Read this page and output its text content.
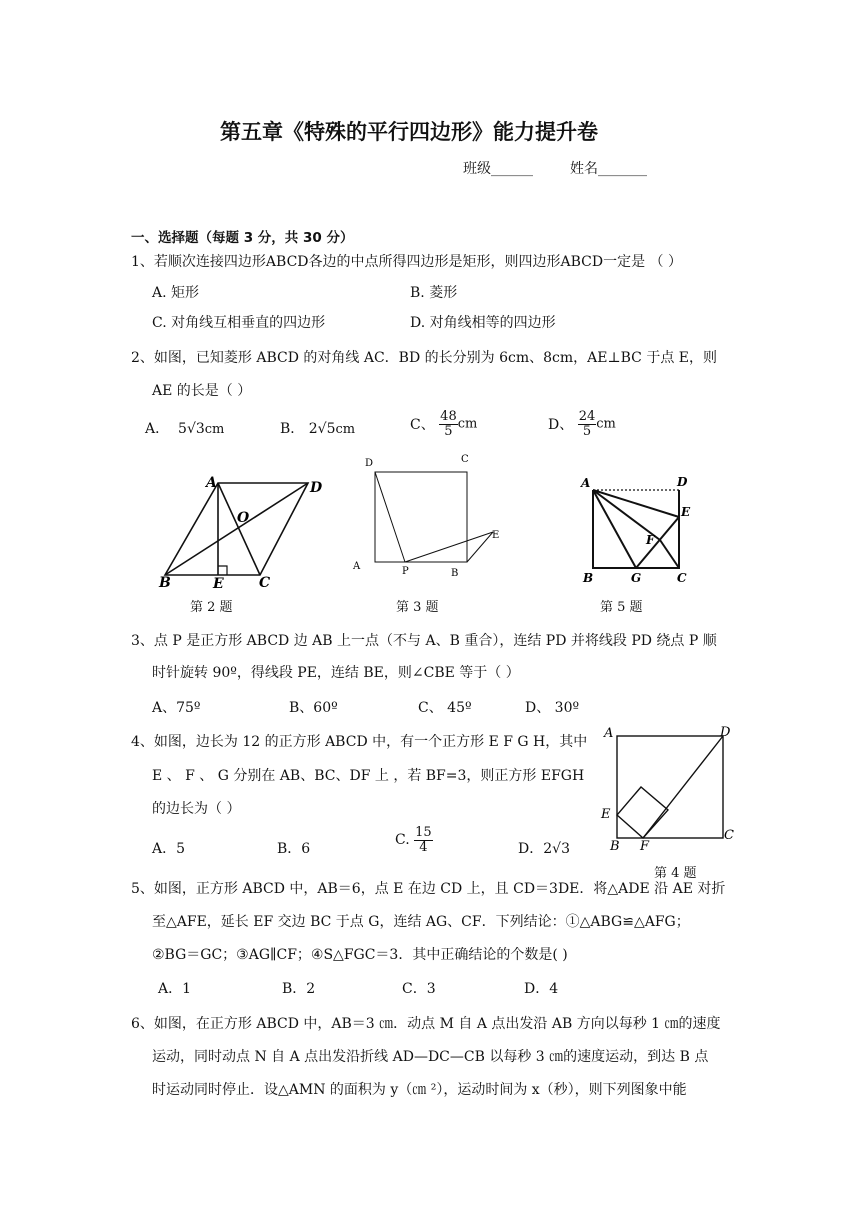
第五章《特殊的平行四边形》能力提升卷
班级______	姓名_______
一、选择题（每题 3 分，共 30 分）
1、若顺次连接四边形ABCD各边的中点所得四边形是矩形，则四边形ABCD一定是 （ ）
A. 矩形	B. 菱形
C. 对角线互相垂直的四边形	D. 对角线相等的四边形
2、如图，已知菱形 ABCD 的对角线 AC．BD 的长分别为 6cm、8cm，AE⊥BC 于点 E，则
AE 的长是（ ）
A． 5√3cm	B． 2√5cm	C、 $\frac{48}{5}$ cm	D、 $\frac{24}{5}$ cm
A	D
O
B	E	C
第 2 题
D	C
A	P	B
E
第 3 题
A	D
E
F
B	G	C
第 5 题
3、点 P 是正方形 ABCD 边 AB 上一点（不与 A、B 重合），连结 PD 并将线段 PD 绕点 P 顺
时针旋转 90º，得线段 PE，连结 BE，则∠CBE 等于（ ）
A、75º	B、60º	C、 45º	D、 30º
4、如图，边长为 12 的正方形 ABCD 中，有一个正方形 E F G H，其中
E 、 F 、 G 分别在 AB、BC、DF 上 ，若 BF=3，则正方形 EFGH
的边长为（ ）
A．5	B．6
C. $\frac{15}{4}$	D．2√3
A	D
E
B F
C
第 4 题
5、如图，正方形 ABCD 中，AB＝6，点 E 在边 CD 上，且 CD＝3DE．将△ADE 沿 AE 对折
至△AFE，延长 EF 交边 BC 于点 G，连结 AG、CF．下列结论：①△ABG≌△AFG；
②BG＝GC；③AG∥CF；④S△FGC＝3．其中正确结论的个数是( )
A．1	B．2	C．3	D．4
6、如图，在正方形 ABCD 中，AB＝3 ㎝．动点 M 自 A 点出发沿 AB 方向以每秒 1 ㎝的速度
运动，同时动点 N 自 A 点出发沿折线 AD—DC—CB 以每秒 3 ㎝的速度运动，到达 B 点
时运动同时停止．设△AMN 的面积为 y（㎝ ²），运动时间为 x（秒），则下列图象中能
